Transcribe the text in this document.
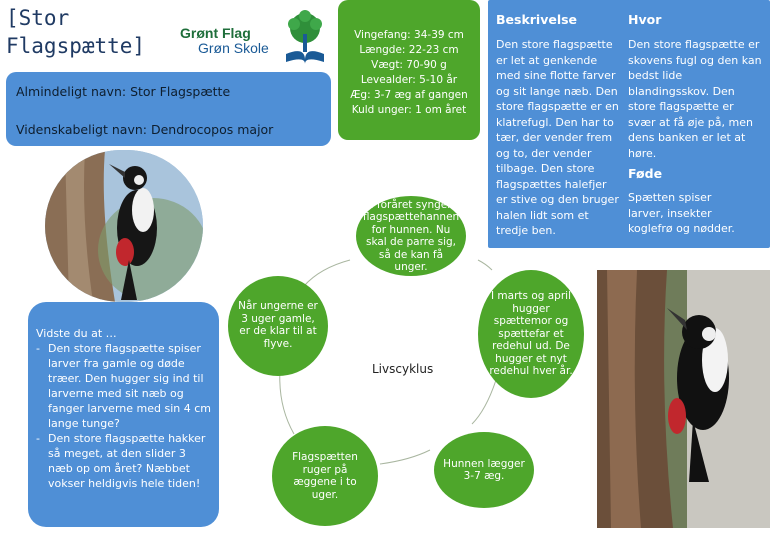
[Stor Flagspætte]
Grønt Flag
Grøn Skole
Almindeligt navn: Stor Flagspætte
Videnskabeligt navn: Dendrocopos major
Vingefang: 34-39 cm
Længde: 22-23 cm
Vægt: 70-90 g
Levealder: 5-10 år
Æg: 3-7 æg af gangen
Kuld unger: 1 om året
Beskrivelse
Den store flagspætte er let at genkende med sine flotte farver og sit lange næb. Den store flagspætte er en klatrefugl. Den har to tær, der vender frem og to, der vender tilbage. Den store flagspættes halefjer er stive og den bruger halen lidt som et tredje ben.
Hvor
Den store flagspætte er skovens fugl og den kan bedst lide blandingsskov. Den store flagspætte er svær at få øje på, men dens banken er let at høre.
Føde
Spætten spiser larver, insekter koglefrø og nødder.
I foråret synger flagspættehannen for hunnen. Nu skal de parre sig, så de kan få unger.
I marts og april hugger spættemor og spættefar et redehul ud. De hugger et nyt redehul hver år.
Hunnen lægger 3-7 æg.
Flagspætten ruger på æggene i to uger.
Når ungerne er 3 uger gamle, er de klar til at flyve.
Livscyklus
Vidste du at …
- Den store flagspætte spiser larver fra gamle og døde træer. Den hugger sig ind til larverne med sit næb og fanger larverne med sin 4 cm lange tunge?
- Den store flagspætte hakker så meget, at den slider 3 næb op om året? Næbbet vokser heldigvis hele tiden!
